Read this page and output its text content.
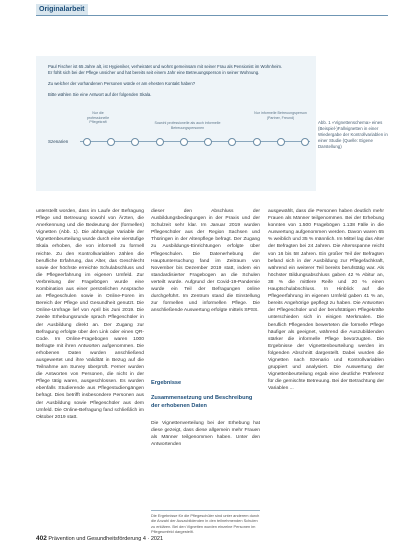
Originalarbeit
Paul Fischer ist 65 Jahre alt, ist Hygieniker, verheiratet und wohnt gemeinsam mit seiner Frau als Pensionist im Wohnheim.
Er fühlt sich bei der Pflege unsicher und hat bereits seit einem Jahr eine Betreuungsperson in seiner Wohnung.
Zu welcher der vorhandenen Personen würde er am ehesten Kontakt haben?
Bitte wählen Sie eine Antwort auf der folgenden Skala.
Nur die professionelle Pflegekraft	Sowohl professionelle als auch informelle Betreuungspersonen
Nur informelle Betreuungsperson (Partner, Freund)
Szenarien
Abb. 1 «Vignettenschema» eines (Beispiel-)Fallvignetten in einer Wiedergabe der Kontrollvariablen in einer Studie (Quelle: Eigene Darstellung)

unterstellt worden, dass im Laufe der Befragung Pflege und Betreuung sowohl von Ärzten, die Anerkennung und die Bedeutung der (formellen) Vignetten (Abb. 1). Die abhängige Variable der Vignettenbeurteilung wurde durch eine vierstufige Skala erhoben, die von informell zu formell reichte. Zu den Kontrollvariablen zählen die berufliche Erfahrung, das Alter, das Geschlecht sowie der höchste erreichte Schulabschluss und die Pflegeerfahrung im eigenen Umfeld. Zur Verbreitung der Fragebögen wurde eine Kombination aus einer persönlichen Ansprache an Pflegeschulen sowie in Online-Foren im Bereich der Pflege und Gesundheit genutzt. Die Online-Umfrage lief von April bis Juni 2019. Die zweite Erhebungsrunde sprach Pflegeschüler in der Ausbildung direkt an. Der Zugang zur Befragung erfolgte über den Link oder einen QR-Code. Im Online-Fragebogen waren 1000 Befragte mit ihren Antworten aufgenommen. Die erhobenen Daten wurden anschließend ausgewertet und ihre Validität in Bezug auf die Teilnahme am Survey überprüft. Ferner wurden die Antworten von Personen, die nicht in der Pflege tätig waren, ausgeschlossen. Es wurden ebenfalls Studierende aus Pflegestudiengängen befragt. Dies betrifft insbesondere Personen aus der Ausbildung sowie Pflegeschüler aus dem Umfeld. Die Online-Befragung fand schließlich im Oktober 2019 statt.

dieser den Abschluss der Ausbildungsbedingungen in der Praxis und der Schulzeit sehr klar. Im Januar 2019 wurden Pflegeschüler aus der Region Sachsen und Thüringen in der Altenpflege befragt. Der Zugang zu Ausbildungs-Einrichtungen erfolgte über Pflegeschulen. Die Datenerhebung der Hauptuntersuchung fand im Zeitraum von November bis Dezember 2019 statt, indem ein standardisierter Fragebogen an die Schulen verteilt wurde. Aufgrund der Covid-19-Pandemie wurde ein Teil der Befragungen online durchgeführt. Im Zentrum stand die Einstellung zur formellen und informellen Pflege. Die anschließende Auswertung erfolgte mittels SPSS.

Ergebnisse
Zusammensetzung und Beschreibung der erhobenen Daten

Die Vignettenverteilung bei der Erhebung hat diese gezeigt, dass diese allgemein mehr Frauen als Männer teilgenommen haben. Unter den Antwortenden

Die Ergebnisse für die Pflegeschüler sind unter anderem durch die Anzahl der Auszubildenden in den teilnehmenden Schulen zu erklären. Bei den Vignetten wurden einzelne Personen im Pflegeumfeld dargestellt.

ausgewählt, dass die Personen haben deutlich mehr Frauen als Männer teilgenommen. Bei der Erhebung konnten von 1.500 Fragebögen 1.138 Fälle in die Auswertung aufgenommen werden. Davon waren 65 % weiblich und 35 % männlich. Im Mittel lag das Alter der Befragten bei 24 Jahren. Die Altersspanne reicht von 16 bis 58 Jahren. Ein großer Teil der Befragten befand sich in der Ausbildung zur Pflegefachkraft, während ein weiterer Teil bereits berufstätig war. Als höchster Bildungsabschluss gaben 42 % Abitur an, 38 % die mittlere Reife und 20 % einen Hauptschulabschluss. In Hinblick auf die Pflegeerfahrung im eigenen Umfeld gaben 41 % an, bereits Angehörige gepflegt zu haben. Die Antworten der Pflegeschüler und der berufstätigen Pflegekräfte unterschieden sich in einigen Merkmalen. Die beruflich Pflegenden bewerteten die formelle Pflege häufiger als geeignet, während die Auszubildenden stärker die informelle Pflege bevorzugten. Die Ergebnisse der Vignettenbeurteilung werden im folgenden Abschnitt dargestellt. Dabei wurden die Vignetten nach Szenario und Kontrollvariablen gruppiert und analysiert. Die Auswertung der Vignettenbeurteilung ergab eine deutliche Präferenz für die gemischte Betreuung. Bei der Betrachtung der Variablen ...

402 Prävention und Gesundheitsförderung 4 · 2021
